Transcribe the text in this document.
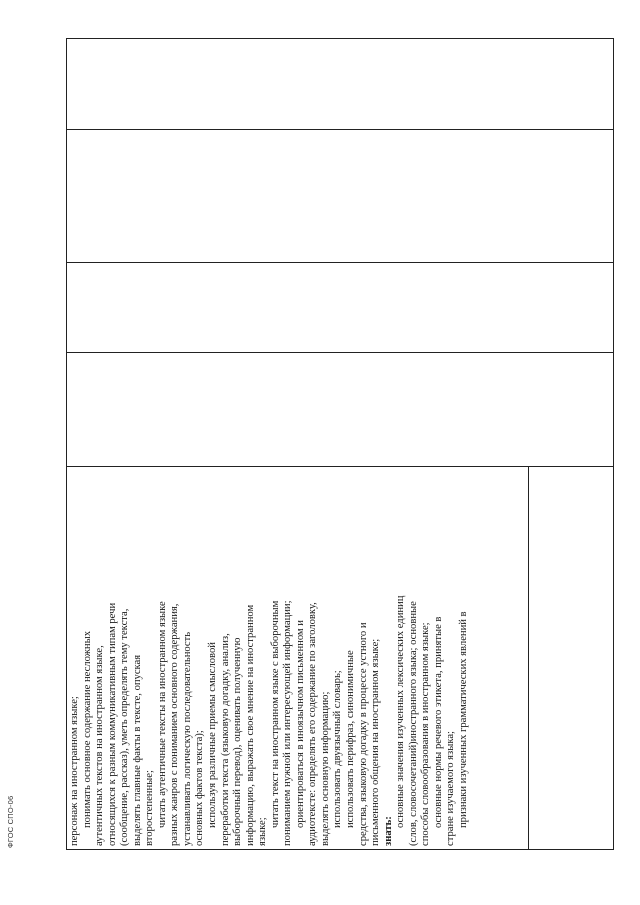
персонаж на иностранном языке; понимать основное содержание несложных аутентичных текстов на иностранном языке, относящихся к разным коммуникативным типам речи (сообщение, рассказ), уметь определять тему текста, выделять главные факты в тексте, опуская второстепенные; читать аутентичные тексты на иностранном языке разных жанров с пониманием основного содержания, устанавливать логическую последовательность основных фактов текста); используя различные приемы смысловой переработки текста (языковую догадку, анализ, выборочный перевод), оценивать полученную информацию, выражать свое мнение на иностранном языке;

читать текст на иностранном языке с выборочным пониманием нужной или интересующей информации; ориентироваться в иноязычном письменном и аудиотексте: определять его содержание по заголовку, выделять основную информацию; использовать двуязычный словарь; использовать перифраз, синонимичные средства, языковую догадку в процессе устного и письменного общения на иностранном языке; знать:

основные значения изученных лексических единиц (слов, словосочетаний)иностранного языка; основные способы словообразования в иностранном языке; основные нормы речевого этикета, принятые в стране изучаемого языка; признаки изученных грамматических явлений в

ФГОС СПО-06
